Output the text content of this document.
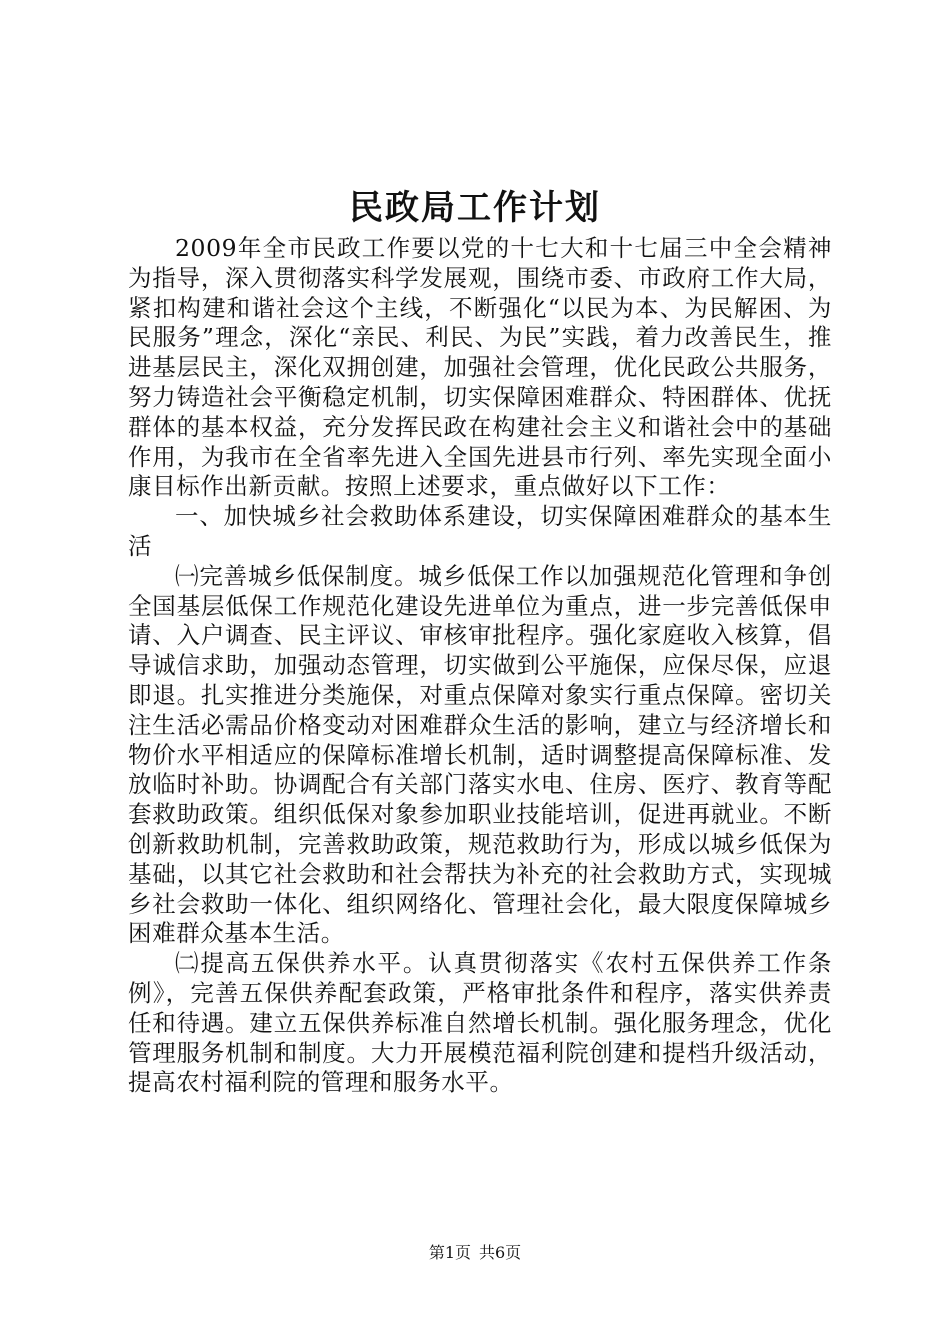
民政局工作计划

2009年全市民政工作要以党的十七大和十七届三中全会精神为指导，深入贯彻落实科学发展观，围绕市委、市政府工作大局，紧扣构建和谐社会这个主线，不断强化“以民为本、为民解困、为民服务”理念，深化“亲民、利民、为民”实践，着力改善民生，推进基层民主，深化双拥创建，加强社会管理，优化民政公共服务，努力铸造社会平衡稳定机制，切实保障困难群众、特困群体、优抚群体的基本权益，充分发挥民政在构建社会主义和谐社会中的基础作用，为我市在全省率先进入全国先进县市行列、率先实现全面小康目标作出新贡献。按照上述要求，重点做好以下工作：

一、加快城乡社会救助体系建设，切实保障困难群众的基本生活

㈠完善城乡低保制度。城乡低保工作以加强规范化管理和争创全国基层低保工作规范化建设先进单位为重点，进一步完善低保申请、入户调查、民主评议、审核审批程序。强化家庭收入核算，倡导诚信求助，加强动态管理，切实做到公平施保，应保尽保，应退即退。扎实推进分类施保，对重点保障对象实行重点保障。密切关注生活必需品价格变动对困难群众生活的影响，建立与经济增长和物价水平相适应的保障标准增长机制，适时调整提高保障标准、发放临时补助。协调配合有关部门落实水电、住房、医疗、教育等配套救助政策。组织低保对象参加职业技能培训，促进再就业。不断创新救助机制，完善救助政策，规范救助行为，形成以城乡低保为基础，以其它社会救助和社会帮扶为补充的社会救助方式，实现城乡社会救助一体化、组织网络化、管理社会化，最大限度保障城乡困难群众基本生活。

㈡提高五保供养水平。认真贯彻落实《农村五保供养工作条例》，完善五保供养配套政策，严格审批条件和程序，落实供养责任和待遇。建立五保供养标准自然增长机制。强化服务理念，优化管理服务机制和制度。大力开展模范福利院创建和提档升级活动，提高农村福利院的管理和服务水平。

第1页 共6页
